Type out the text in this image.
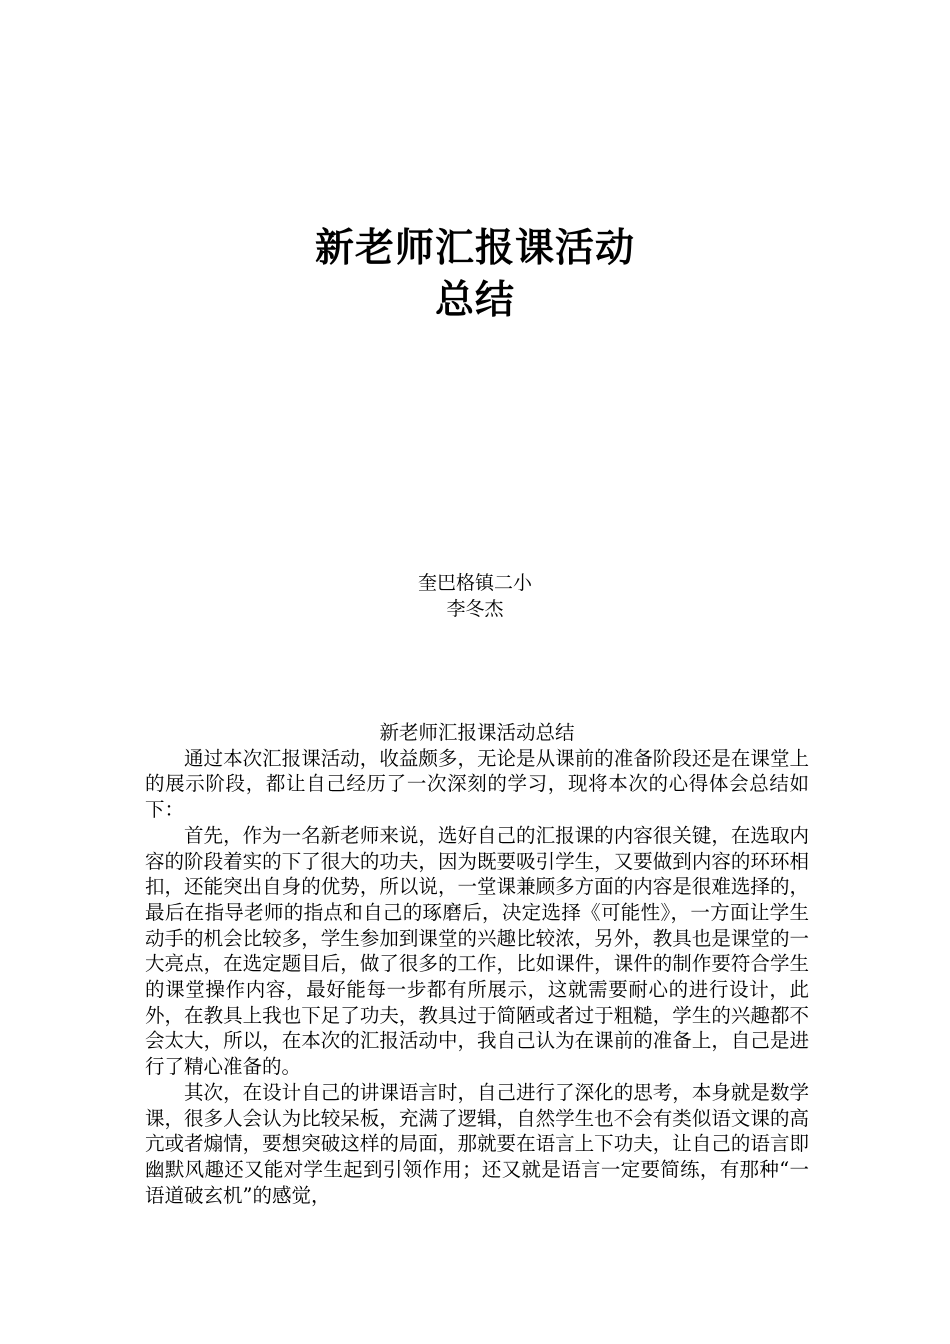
新老师汇报课活动
总结
奎巴格镇二小
李冬杰

新老师汇报课活动总结

通过本次汇报课活动，收益颇多，无论是从课前的准备阶段还是在课堂上的展示阶段，都让自己经历了一次深刻的学习，现将本次的心得体会总结如下：

首先，作为一名新老师来说，选好自己的汇报课的内容很关键，在选取内容的阶段着实的下了很大的功夫，因为既要吸引学生，又要做到内容的环环相扣，还能突出自身的优势，所以说，一堂课兼顾多方面的内容是很难选择的，最后在指导老师的指点和自己的琢磨后，决定选择《可能性》，一方面让学生动手的机会比较多，学生参加到课堂的兴趣比较浓，另外，教具也是课堂的一大亮点，在选定题目后，做了很多的工作，比如课件，课件的制作要符合学生的课堂操作内容，最好能每一步都有所展示，这就需要耐心的进行设计，此外，在教具上我也下足了功夫，教具过于简陋或者过于粗糙，学生的兴趣都不会太大，所以，在本次的汇报活动中，我自己认为在课前的准备上，自己是进行了精心准备的。

其次，在设计自己的讲课语言时，自己进行了深化的思考，本身就是数学课，很多人会认为比较呆板，充满了逻辑，自然学生也不会有类似语文课的高亢或者煽情，要想突破这样的局面，那就要在语言上下功夫，让自己的语言即幽默风趣还又能对学生起到引领作用；还又就是语言一定要简练，有那种“一语道破玄机”的感觉，
